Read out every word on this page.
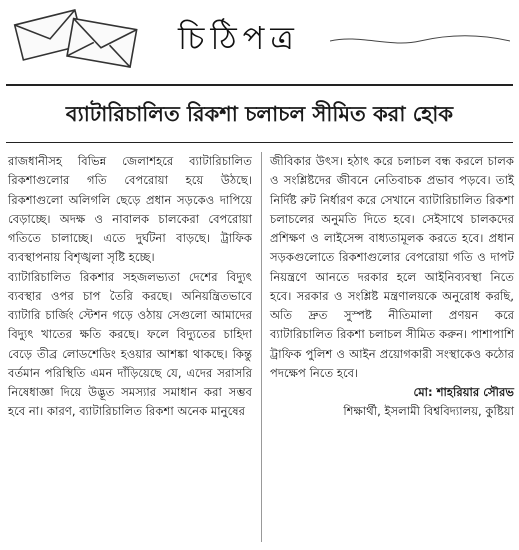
চিঠিপত্র
ব্যাটারিচালিত রিকশা চলাচল সীমিত করা হোক

রাজধানীসহ বিভিন্ন জেলাশহরে ব্যাটারিচালিত রিকশাগুলোর গতি বেপরোয়া হয়ে উঠছে। রিকশাগুলো অলিগলি ছেড়ে প্রধান সড়কেও দাপিয়ে বেড়াচ্ছে। অদক্ষ ও নাবালক চালকেরা বেপরোয়া গতিতে চালাচ্ছে। এতে দুর্ঘটনা বাড়ছে। ট্রাফিক ব্যবস্থাপনায় বিশৃঙ্খলা সৃষ্টি হচ্ছে।

ব্যাটারিচালিত রিকশার সহজলভ্যতা দেশের বিদ্যুৎ ব্যবস্থার ওপর চাপ তৈরি করছে। অনিয়ন্ত্রিতভাবে ব্যাটারি চার্জিং স্টেশন গড়ে ওঠায় সেগুলো আমাদের বিদ্যুৎ খাতের ক্ষতি করছে। ফলে বিদ্যুতের চাহিদা বেড়ে তীব্র লোডশেডিং হওয়ার আশঙ্কা থাকছে। কিন্তু বর্তমান পরিস্থিতি এমন দাঁড়িয়েছে যে, এদের সরাসরি নিষেধাজ্ঞা দিয়ে উদ্ভূত সমস্যার সমাধান করা সম্ভব হবে না। কারণ, ব্যাটারিচালিত রিকশা অনেক মানুষের

জীবিকার উৎস। হঠাৎ করে চলাচল বন্ধ করলে চালক ও সংশ্লিষ্টদের জীবনে নেতিবাচক প্রভাব পড়বে। তাই নির্দিষ্ট রুট নির্ধারণ করে সেখানে ব্যাটারিচালিত রিকশা চলাচলের অনুমতি দিতে হবে। সেইসাথে চালকদের প্রশিক্ষণ ও লাইসেন্স বাধ্যতামূলক করতে হবে। প্রধান সড়কগুলোতে রিকশাগুলোর বেপরোয়া গতি ও দাপট নিয়ন্ত্রণে আনতে দরকার হলে আইনিব্যবস্থা নিতে হবে। সরকার ও সংশ্লিষ্ট মন্ত্রণালয়কে অনুরোধ করছি, অতি দ্রুত সুস্পষ্ট নীতিমালা প্রণয়ন করে ব্যাটারিচালিত রিকশা চলাচল সীমিত করুন। পাশাপাশি ট্রাফিক পুলিশ ও আইন প্রয়োগকারী সংস্থাকেও কঠোর পদক্ষেপ নিতে হবে।

মো: শাহরিয়ার সৌরভ

শিক্ষার্থী, ইসলামী বিশ্ববিদ্যালয়, কুষ্টিয়া
